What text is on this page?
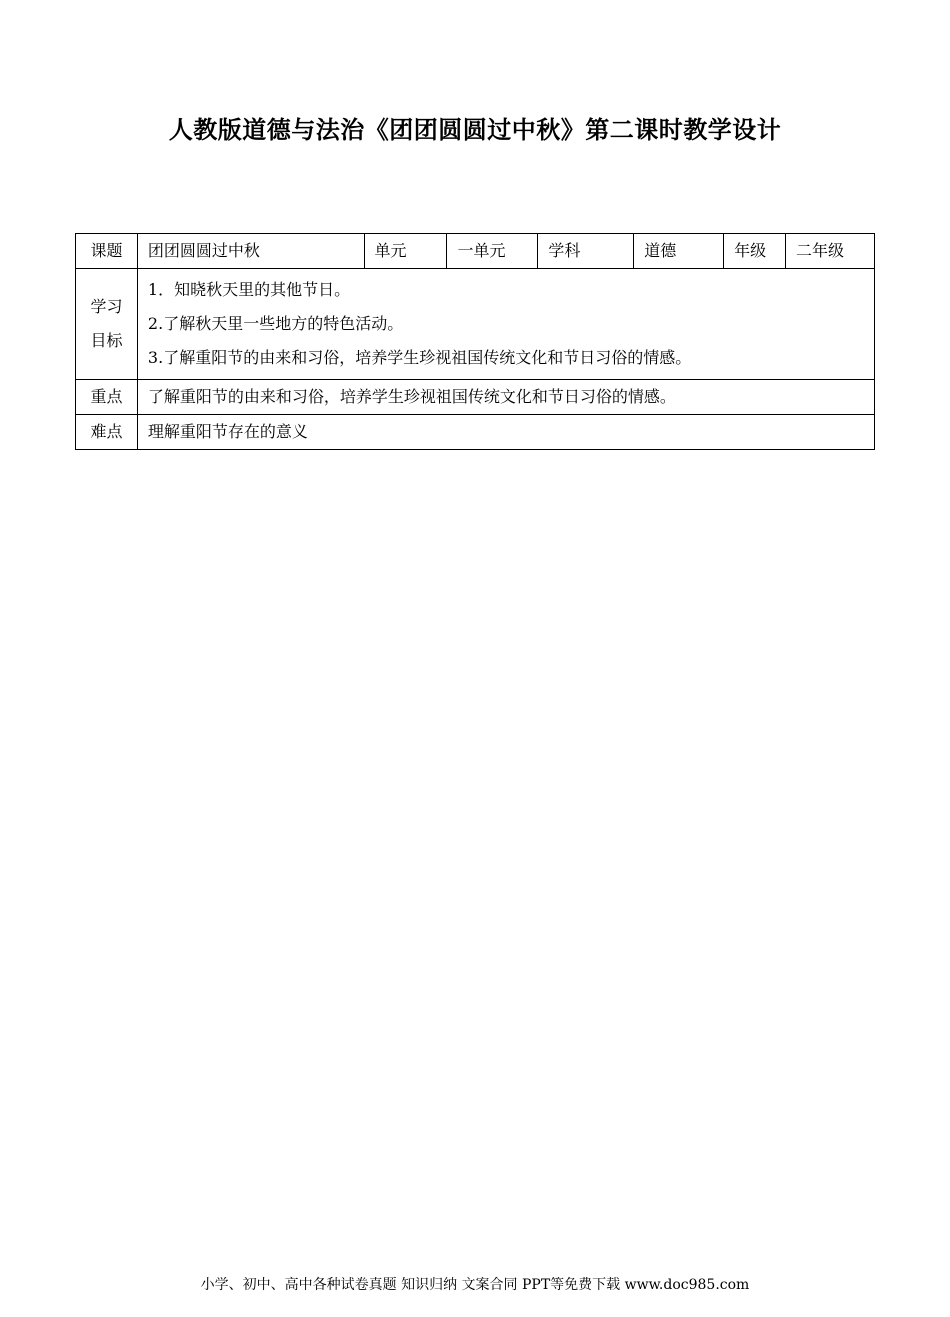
人教版道德与法治《团团圆圆过中秋》第二课时教学设计
课题	团团圆圆过中秋	单元	一单元	学科	道德	年级	二年级

学习
目标	1．知晓秋天里的其他节日。
2.了解秋天里一些地方的特色活动。
3.了解重阳节的由来和习俗，培养学生珍视祖国传统文化和节日习俗的情感。						

重点	了解重阳节的由来和习俗，培养学生珍视祖国传统文化和节日习俗的情感。						
难点	理解重阳节存在的意义						
小学、初中、高中各种试卷真题 知识归纳 文案合同 PPT等免费下载 www.doc985.com
